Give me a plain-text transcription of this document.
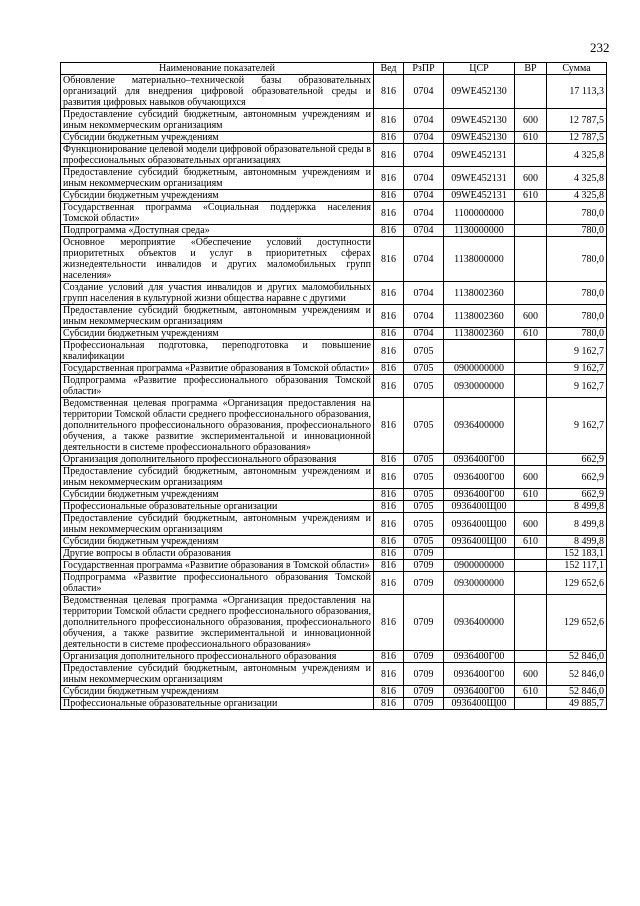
232
Наименование показателей	Вед	РзПР	ЦСР	ВР	Сумма
Обновление материально–технической базы образовательных организаций для внедрения цифровой образовательной среды и развития цифровых навыков обучающихся	816	0704	09WE452130		17 113,3
Предоставление субсидий бюджетным, автономным учреждениям и иным некоммерческим организациям	816	0704	09WE452130	600	12 787,5
Субсидии бюджетным учреждениям	816	0704	09WE452130	610	12 787,5
Функционирование целевой модели цифровой образовательной среды в профессиональных образовательных организациях	816	0704	09WE452131		4 325,8
Предоставление субсидий бюджетным, автономным учреждениям и иным некоммерческим организациям	816	0704	09WE452131	600	4 325,8
Субсидии бюджетным учреждениям	816	0704	09WE452131	610	4 325,8
Государственная программа «Социальная поддержка населения Томской области»	816	0704	1100000000		780,0
Подпрограмма «Доступная среда»	816	0704	1130000000		780,0
Основное мероприятие «Обеспечение условий доступности приоритетных объектов и услуг в приоритетных сферах жизнедеятельности инвалидов и других маломобильных групп населения»	816	0704	1138000000		780,0
Создание условий для участия инвалидов и других маломобильных групп населения в культурной жизни общества наравне с другими	816	0704	1138002360		780,0
Предоставление субсидий бюджетным, автономным учреждениям и иным некоммерческим организациям	816	0704	1138002360	600	780,0
Субсидии бюджетным учреждениям	816	0704	1138002360	610	780,0
Профессиональная подготовка, переподготовка и повышение квалификации	816	0705			9 162,7
Государственная программа «Развитие образования в Томской области»	816	0705	0900000000		9 162,7
Подпрограмма «Развитие профессионального образования Томской области»	816	0705	0930000000		9 162,7
Ведомственная целевая программа «Организация предоставления на территории Томской области среднего профессионального образования, дополнительного профессионального образования, профессионального обучения, а также развитие экспериментальной и инновационной деятельности в системе профессионального образования»	816	0705	0936400000		9 162,7
Организация дополнительного профессионального образования	816	0705	0936400Г00		662,9
Предоставление субсидий бюджетным, автономным учреждениям и иным некоммерческим организациям	816	0705	0936400Г00	600	662,9
Субсидии бюджетным учреждениям	816	0705	0936400Г00	610	662,9
Профессиональные образовательные организации	816	0705	0936400Щ00		8 499,8
Предоставление субсидий бюджетным, автономным учреждениям и иным некоммерческим организациям	816	0705	0936400Щ00	600	8 499,8
Субсидии бюджетным учреждениям	816	0705	0936400Щ00	610	8 499,8
Другие вопросы в области образования	816	0709			152 183,1
Государственная программа «Развитие образования в Томской области»	816	0709	0900000000		152 117,1
Подпрограмма «Развитие профессионального образования Томской области»	816	0709	0930000000		129 652,6
Ведомственная целевая программа «Организация предоставления на территории Томской области среднего профессионального образования, дополнительного профессионального образования, профессионального обучения, а также развитие экспериментальной и инновационной деятельности в системе профессионального образования»	816	0709	0936400000		129 652,6
Организация дополнительного профессионального образования	816	0709	0936400Г00		52 846,0
Предоставление субсидий бюджетным, автономным учреждениям и иным некоммерческим организациям	816	0709	0936400Г00	600	52 846,0
Субсидии бюджетным учреждениям	816	0709	0936400Г00	610	52 846,0
Профессиональные образовательные организации	816	0709	0936400Щ00		49 885,7
